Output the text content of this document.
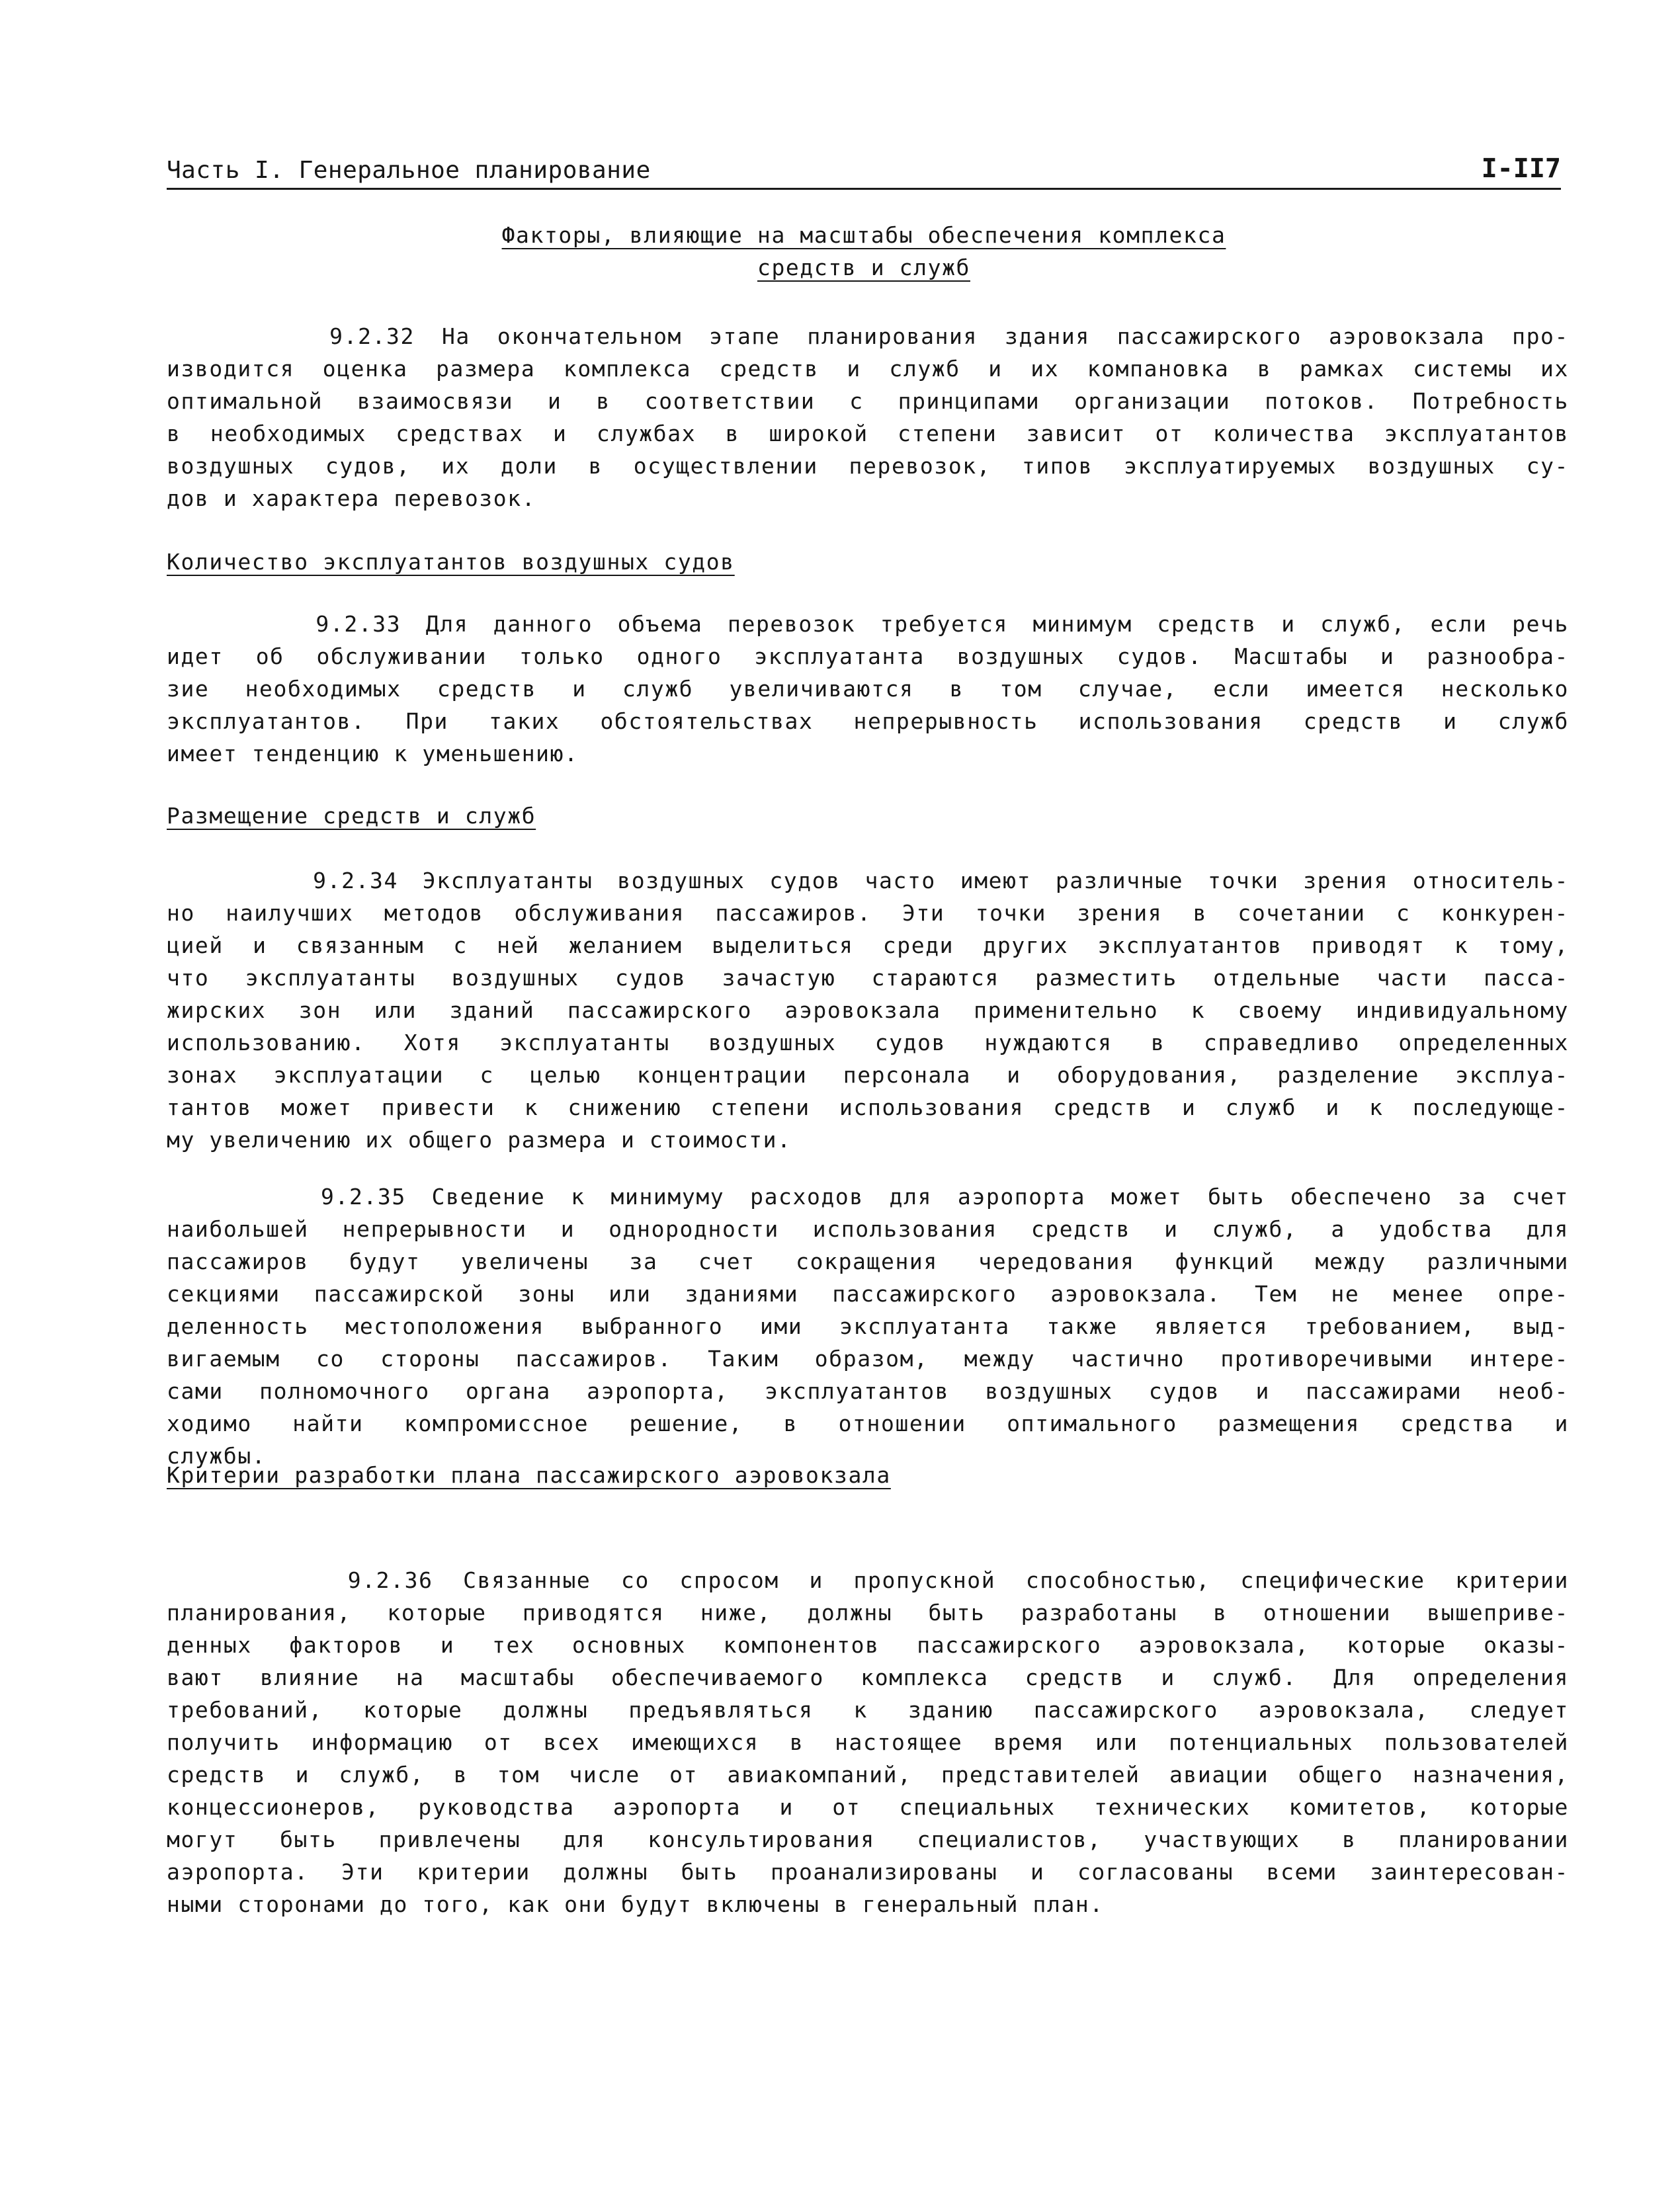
Часть I. Генеральное планирование	I-II7
Факторы, влияющие на масштабы обеспечения комплекса
средств и служб
9.2.32 На окончательном этапе планирования здания пассажирского аэровокзала про-
изводится оценка размера комплекса средств и служб и их компановка в рамках системы их
оптимальной взаимосвязи и в соответствии с принципами организации потоков. Потребность
в необходимых средствах и службах в широкой степени зависит от количества эксплуатантов
воздушных судов, их доли в осуществлении перевозок, типов эксплуатируемых воздушных су-
дов и характера перевозок.
Количество эксплуатантов воздушных судов
9.2.33 Для данного объема перевозок требуется минимум средств и служб, если речь
идет об обслуживании только одного эксплуатанта воздушных судов. Масштабы и разнообра-
зие необходимых средств и служб увеличиваются в том случае, если имеется несколько
эксплуатантов. При таких обстоятельствах непрерывность использования средств и служб
имеет тенденцию к уменьшению.
Размещение средств и служб
9.2.34 Эксплуатанты воздушных судов часто имеют различные точки зрения относитель-
но наилучших методов обслуживания пассажиров. Эти точки зрения в сочетании с конкурен-
цией и связанным с ней желанием выделиться среди других эксплуатантов приводят к тому,
что эксплуатанты воздушных судов зачастую стараются разместить отдельные части пасса-
жирских зон или зданий пассажирского аэровокзала применительно к своему индивидуальному
использованию. Хотя эксплуатанты воздушных судов нуждаются в справедливо определенных
зонах эксплуатации с целью концентрации персонала и оборудования, разделение эксплуа-
тантов может привести к снижению степени использования средств и служб и к последующе-
му увеличению их общего размера и стоимости.
9.2.35 Сведение к минимуму расходов для аэропорта может быть обеспечено за счет
наибольшей непрерывности и однородности использования средств и служб, а удобства для
пассажиров будут увеличены за счет сокращения чередования функций между различными
секциями пассажирской зоны или зданиями пассажирского аэровокзала. Тем не менее опре-
деленность местоположения выбранного ими эксплуатанта также является требованием, выд-
вигаемым со стороны пассажиров. Таким образом, между частично противоречивыми интере-
сами полномочного органа аэропорта, эксплуатантов воздушных судов и пассажирами необ-
ходимо найти компромиссное решение, в отношении оптимального размещения средства и
службы.
Критерии разработки плана пассажирского аэровокзала
9.2.36 Связанные со спросом и пропускной способностью, специфические критерии
планирования, которые приводятся ниже, должны быть разработаны в отношении вышеприве-
денных факторов и тех основных компонентов пассажирского аэровокзала, которые оказы-
вают влияние на масштабы обеспечиваемого комплекса средств и служб. Для определения
требований, которые должны предъявляться к зданию пассажирского аэровокзала, следует
получить информацию от всех имеющихся в настоящее время или потенциальных пользователей
средств и служб, в том числе от авиакомпаний, представителей авиации общего назначения,
концессионеров, руководства аэропорта и от специальных технических комитетов, которые
могут быть привлечены для консультирования специалистов, участвующих в планировании
аэропорта. Эти критерии должны быть проанализированы и согласованы всеми заинтересован-
ными сторонами до того, как они будут включены в генеральный план.
